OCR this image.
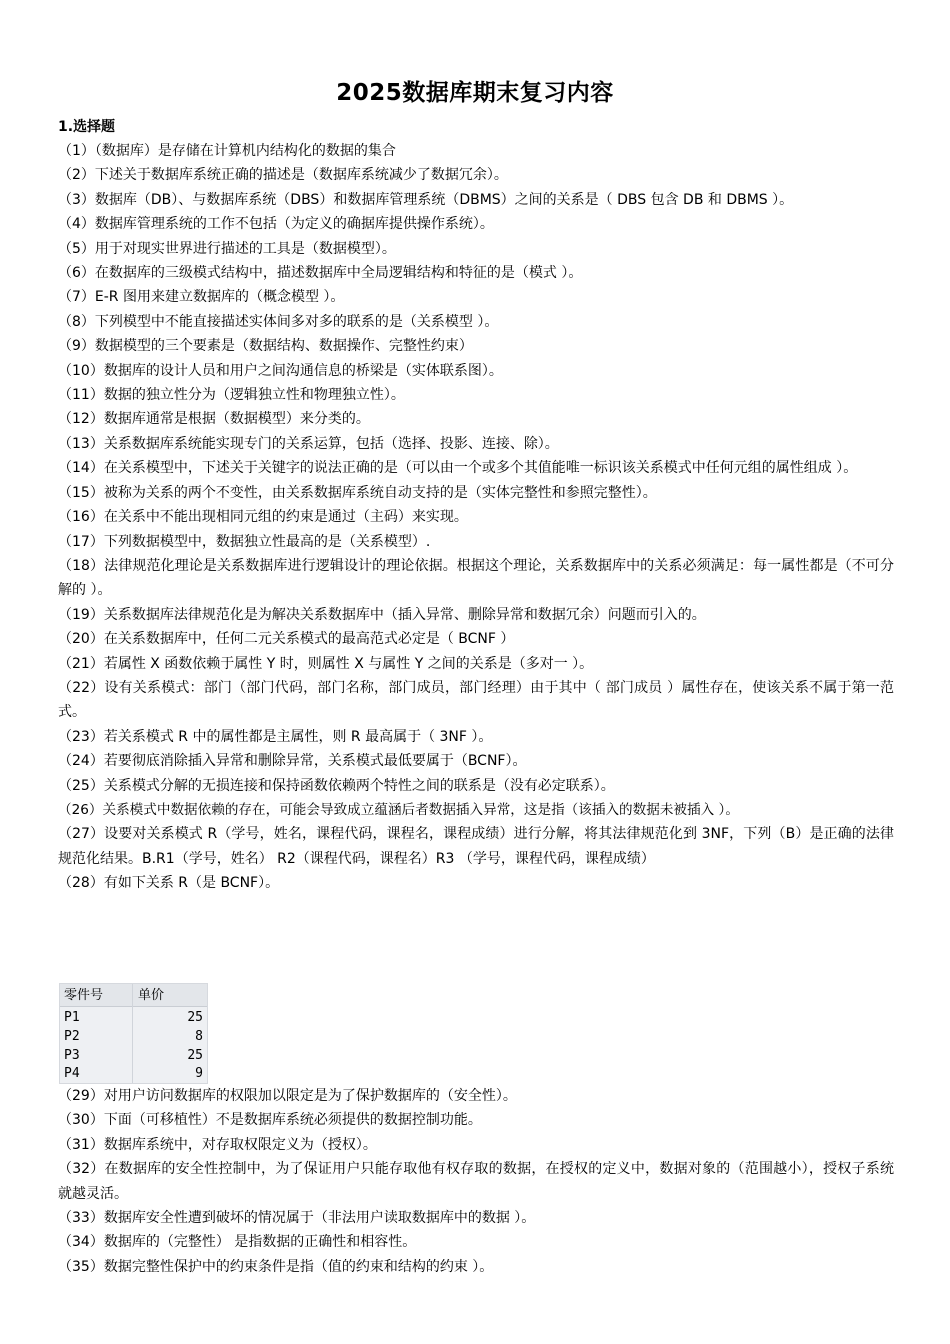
2025数据库期末复习内容
1.选择题
（1）（数据库）是存储在计算机内结构化的数据的集合
（2）下述关于数据库系统正确的描述是（数据库系统减少了数据冗余）。
（3）数据库（DB）、与数据库系统（DBS）和数据库管理系统（DBMS）之间的关系是（ DBS 包含 DB 和 DBMS ）。
（4）数据库管理系统的工作不包括（为定义的确据库提供操作系统）。
（5）用于对现实世界进行描述的工具是（数据模型）。
（6）在数据库的三级模式结构中，描述数据库中全局逻辑结构和特征的是（模式 ）。
（7）E-R 图用来建立数据库的（概念模型 ）。
（8）下列模型中不能直接描述实体间多对多的联系的是（关系模型 ）。
（9）数据模型的三个要素是（数据结构、数据操作、完整性约束）
（10）数据库的设计人员和用户之间沟通信息的桥梁是（实体联系图）。
（11）数据的独立性分为（逻辑独立性和物理独立性）。
（12）数据库通常是根据（数据模型）来分类的。
（13）关系数据库系统能实现专门的关系运算，包括（选择、投影、连接、除）。
（14）在关系模型中，下述关于关键字的说法正确的是（可以由一个或多个其值能唯一标识该关系模式中任何元组的属性组成 ）。
（15）被称为关系的两个不变性，由关系数据库系统自动支持的是（实体完整性和参照完整性）。
（16）在关系中不能出现相同元组的约束是通过（主码）来实现。
（17）下列数据模型中，数据独立性最高的是（关系模型）.
（18）法律规范化理论是关系数据库进行逻辑设计的理论依据。根据这个理论，关系数据库中的关系必须满足：每一属性都是（不可分解的 ）。
（19）关系数据库法律规范化是为解决关系数据库中（插入异常、删除异常和数据冗余）问题而引入的。
（20）在关系数据库中，任何二元关系模式的最高范式必定是（ BCNF ）
（21）若属性 X 函数依赖于属性 Y 时，则属性 X 与属性 Y 之间的关系是（多对一 ）。
（22）设有关系模式：部门（部门代码，部门名称，部门成员，部门经理）由于其中（ 部门成员 ）属性存在，使该关系不属于第一范式。
（23）若关系模式 R 中的属性都是主属性，则 R 最高属于（ 3NF ）。
（24）若要彻底消除插入异常和删除异常，关系模式最低要属于（BCNF）。
（25）关系模式分解的无损连接和保持函数依赖两个特性之间的联系是（没有必定联系）。
（26）关系模式中数据依赖的存在，可能会导致成立蕴涵后者数据插入异常，这是指（该插入的数据未被插入 ）。
（27）设要对关系模式 R（学号，姓名，课程代码，课程名，课程成绩）进行分解，将其法律规范化到 3NF，下列（B）是正确的法律规范化结果。B.R1（学号，姓名） R2（课程代码，课程名）R3 （学号，课程代码，课程成绩）
（28）有如下关系 R（是 BCNF）。
零件号	单价
P1	25
P2	8
P3	25
P4	9
（29）对用户访问数据库的权限加以限定是为了保护数据库的（安全性）。
（30）下面（可移植性）不是数据库系统必须提供的数据控制功能。
（31）数据库系统中，对存取权限定义为（授权）。
（32）在数据库的安全性控制中，为了保证用户只能存取他有权存取的数据，在授权的定义中，数据对象的（范围越小），授权子系统就越灵活。
（33）数据库安全性遭到破坏的情况属于（非法用户读取数据库中的数据 ）。
（34）数据库的（完整性） 是指数据的正确性和相容性。
（35）数据完整性保护中的约束条件是指（值的约束和结构的约束 ）。
